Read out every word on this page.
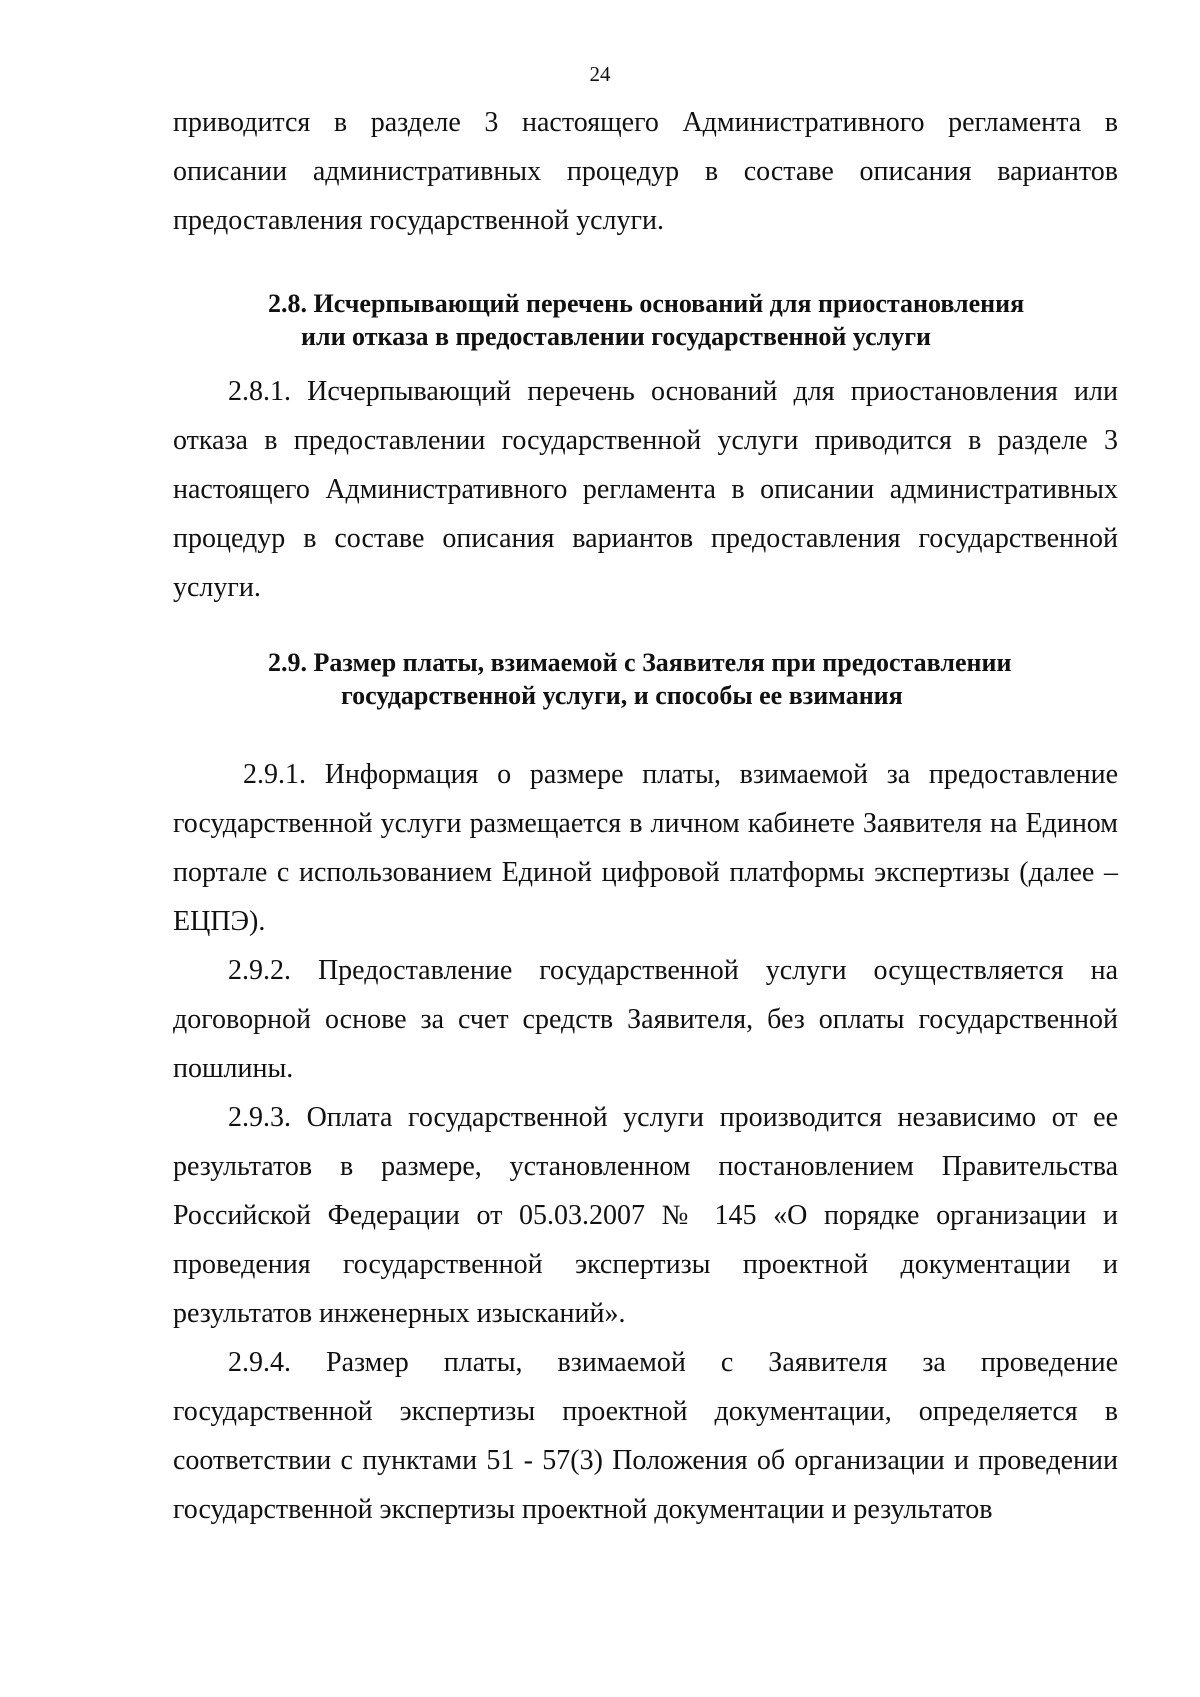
24

приводится в разделе 3 настоящего Административного регламента в описании административных процедур в составе описания вариантов предоставления государственной услуги.

2.8. Исчерпывающий перечень оснований для приостановления
или отказа в предоставлении государственной услуги

2.8.1. Исчерпывающий перечень оснований для приостановления или отказа в предоставлении государственной услуги приводится в разделе 3 настоящего Административного регламента в описании административных процедур в составе описания вариантов предоставления государственной услуги.

2.9. Размер платы, взимаемой с Заявителя при предоставлении
государственной услуги, и способы ее взимания

2.9.1. Информация о размере платы, взимаемой за предоставление государственной услуги размещается в личном кабинете Заявителя на Едином портале с использованием Единой цифровой платформы экспертизы (далее – ЕЦПЭ).

2.9.2. Предоставление государственной услуги осуществляется на договорной основе за счет средств Заявителя, без оплаты государственной пошлины.

2.9.3. Оплата государственной услуги производится независимо от ее результатов в размере, установленном постановлением Правительства Российской Федерации от 05.03.2007 № 145 «О порядке организации и проведения государственной экспертизы проектной документации и результатов инженерных изысканий».

2.9.4. Размер платы, взимаемой с Заявителя за проведение государственной экспертизы проектной документации, определяется в соответствии с пунктами 51 - 57(3) Положения об организации и проведении государственной экспертизы проектной документации и результатов
